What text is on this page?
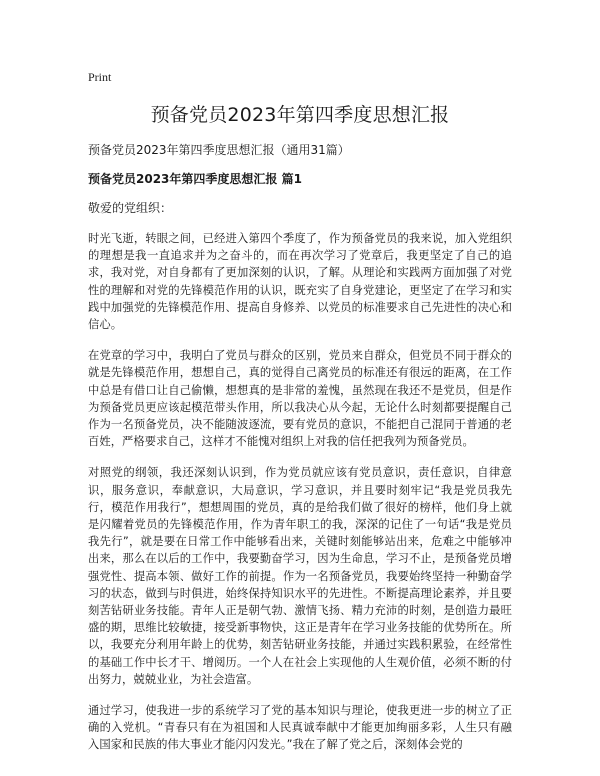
Print
预备党员2023年第四季度思想汇报
预备党员2023年第四季度思想汇报（通用31篇）
预备党员2023年第四季度思想汇报 篇1
敬爱的党组织：

时光飞逝，转眼之间，已经进入第四个季度了，作为预备党员的我来说，加入党组织的理想是我一直追求并为之奋斗的，而在再次学习了党章后，我更坚定了自己的追求，我对党，对自身都有了更加深刻的认识，了解。从理论和实践两方面加强了对党性的理解和对党的先锋模范作用的认识，既充实了自身党建论，更坚定了在学习和实践中加强党的先锋模范作用、提高自身修养、以党员的标准要求自己先进性的决心和信心。

在党章的学习中，我明白了党员与群众的区别，党员来自群众，但党员不同于群众的就是先锋模范作用，想想自己，真的觉得自己离党员的标准还有很远的距离，在工作中总是有借口让自己偷懒，想想真的是非常的羞愧，虽然现在我还不是党员，但是作为预备党员更应该起模范带头作用，所以我决心从今起，无论什么时刻都要提醒自己作为一名预备党员，决不能随波逐流，要有党员的意识，不能把自己混同于普通的老百姓，严格要求自己，这样才不能愧对组织上对我的信任把我列为预备党员。

对照党的纲领，我还深刻认识到，作为党员就应该有党员意识，责任意识，自律意识，服务意识，奉献意识，大局意识，学习意识，并且要时刻牢记“我是党员我先行，模范作用我行”，想想周围的党员，真的是给我们做了很好的榜样，他们身上就是闪耀着党员的先锋模范作用，作为青年职工的我，深深的记住了一句话“我是党员我先行”，就是要在日常工作中能够看出来，关键时刻能够站出来，危难之中能够冲出来，那么在以后的工作中，我要勤奋学习，因为生命息，学习不止，是预备党员增强党性、提高本领、做好工作的前提。作为一名预备党员，我要始终坚持一种勤奋学习的状态，做到与时俱进，始终保持知识水平的先进性。不断提高理论素养，并且要刻苦钻研业务技能。青年人正是朝气勃、激情飞扬、精力充沛的时刻，是创造力最旺盛的期，思维比较敏捷，接受新事物快，这正是青年在学习业务技能的优势所在。所以，我要充分利用年龄上的优势，刻苦钻研业务技能，并通过实践积累验，在经常性的基础工作中长才干、增阅历。一个人在社会上实现他的人生观价值，必须不断的付出努力，兢兢业业，为社会造富。

通过学习，使我进一步的系统学习了党的基本知识与理论，使我更进一步的树立了正确的入党机。“青春只有在为祖国和人民真诚奉献中才能更加绚丽多彩，人生只有融入国家和民族的伟大事业才能闪闪发光。”我在了解了党之后，深刻体会党的
